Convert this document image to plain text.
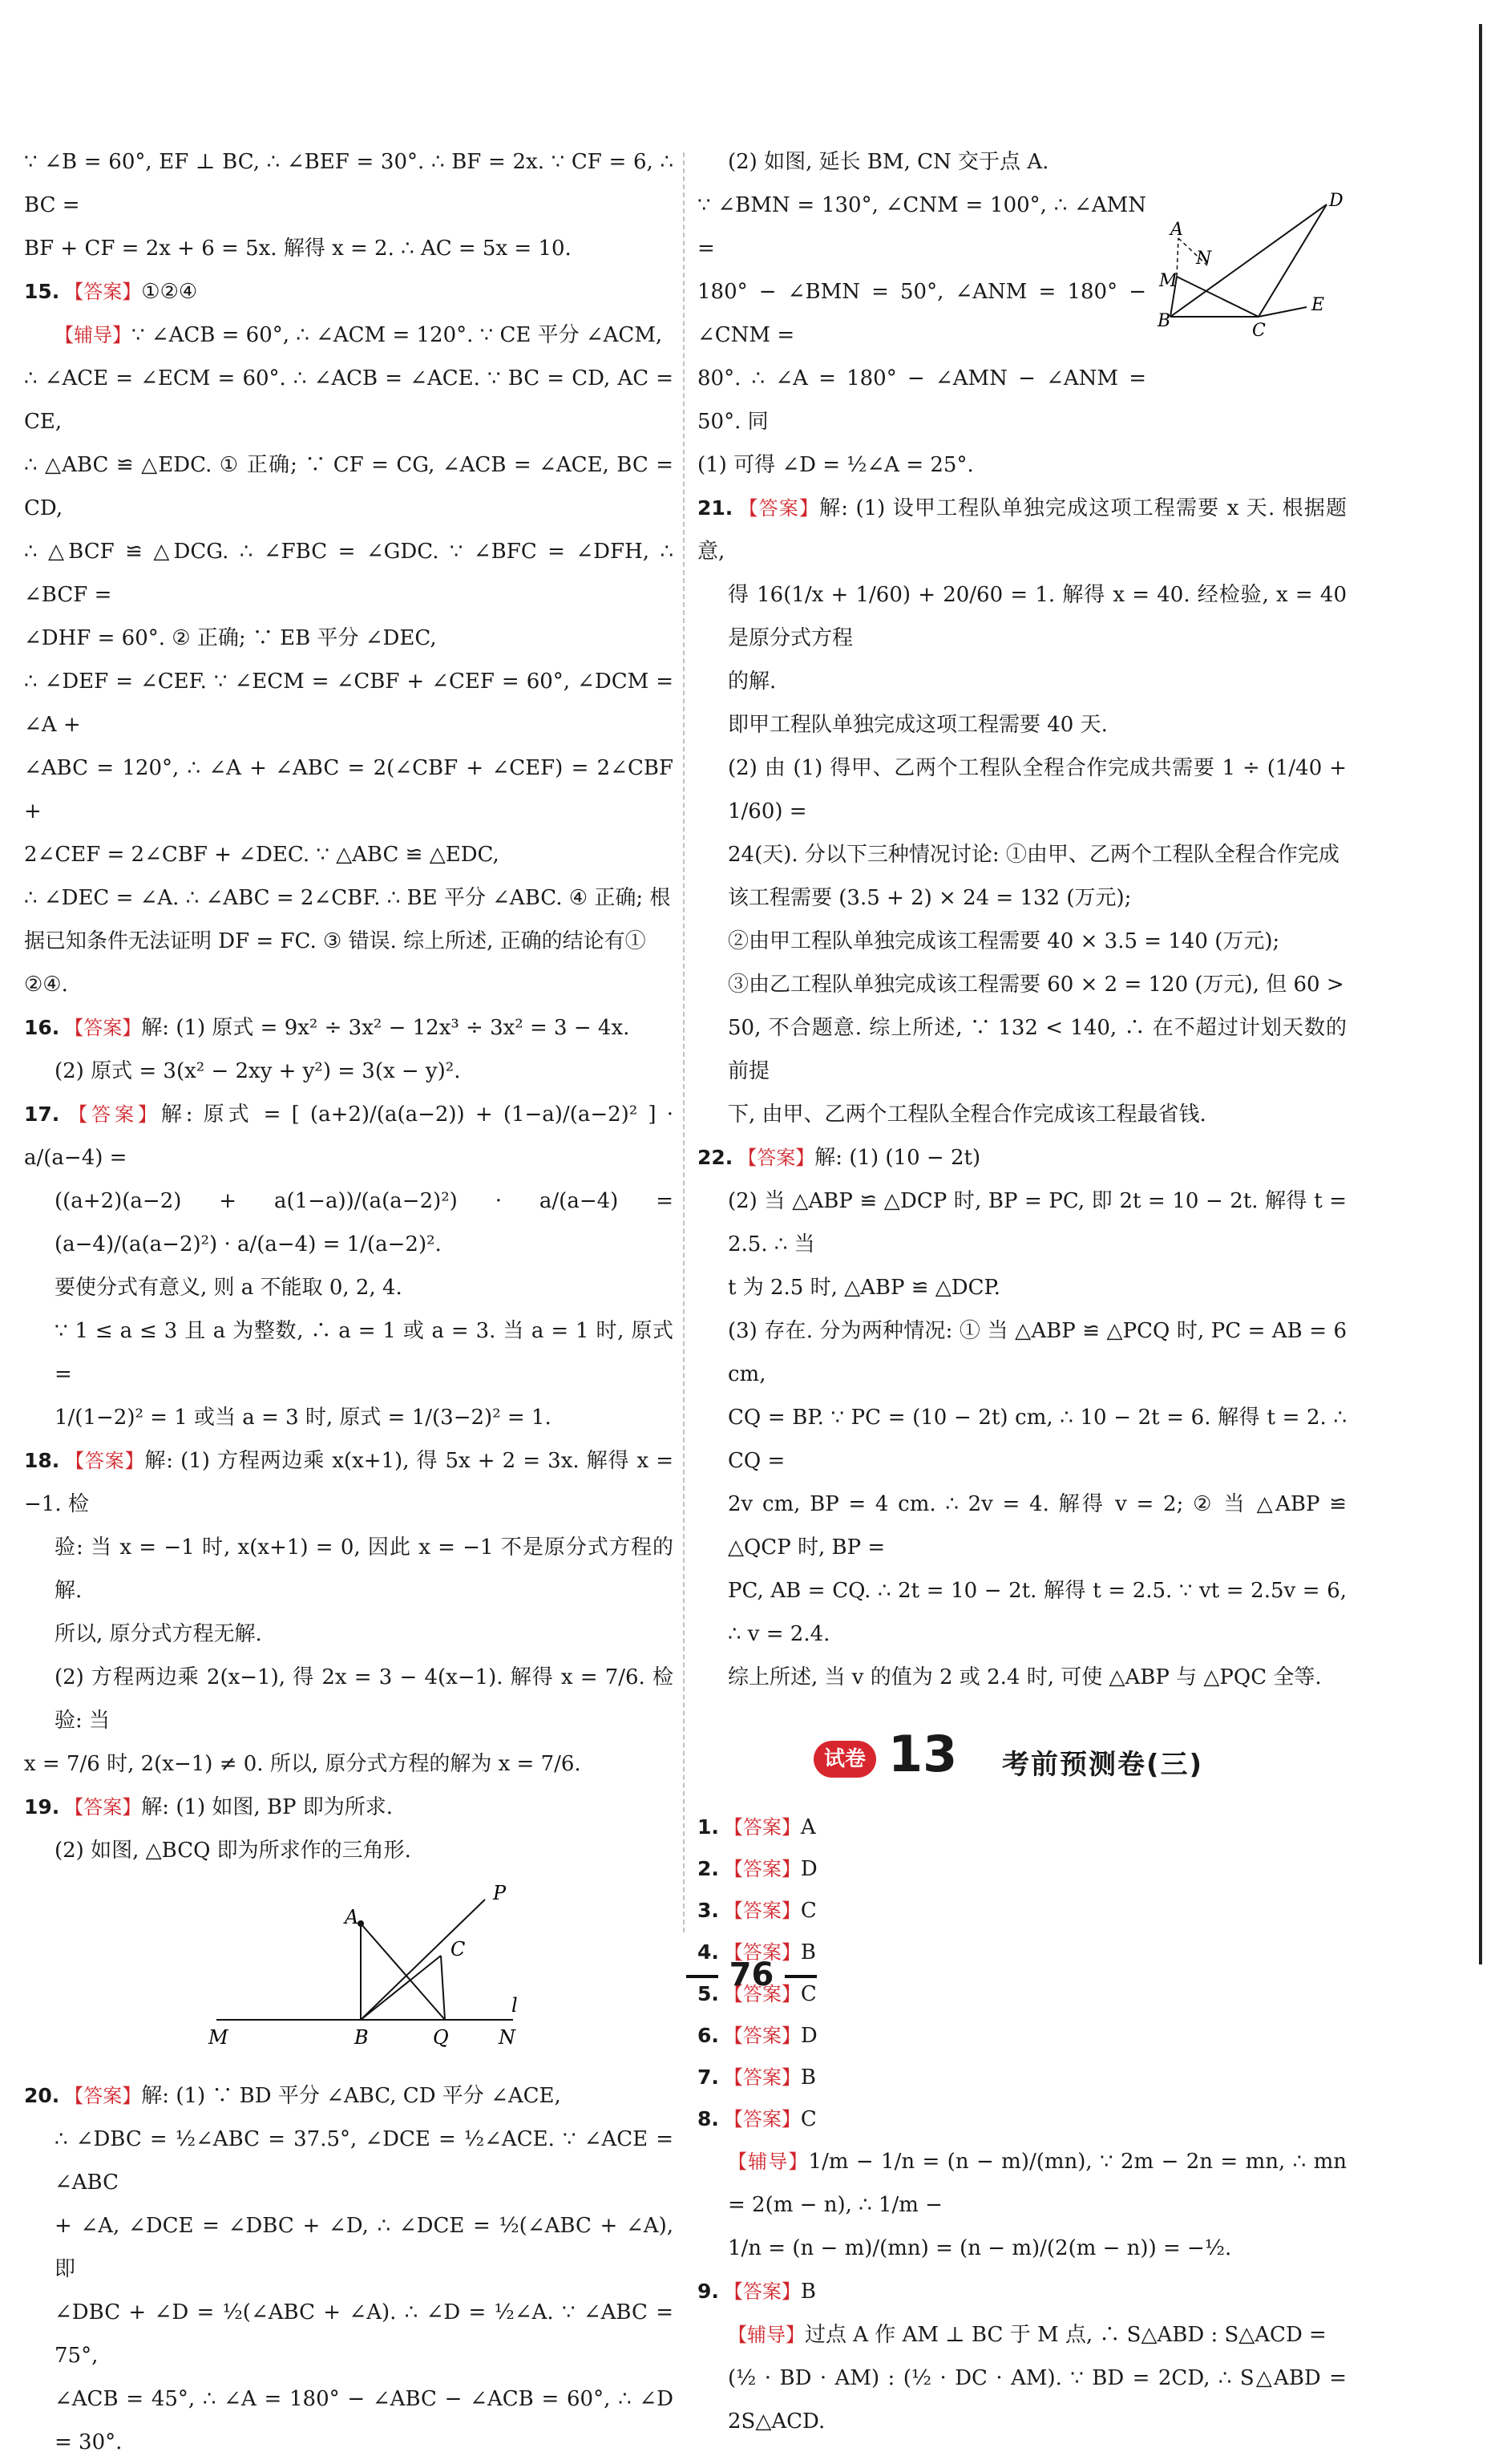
∵ ∠B = 60°, EF ⊥ BC, ∴ ∠BEF = 30°. ∴ BF = 2x. ∵ CF = 6, ∴ BC =

BF + CF = 2x + 6 = 5x. 解得 x = 2. ∴ AC = 5x = 10.

15. 【答案】①②④

【辅导】∵ ∠ACB = 60°, ∴ ∠ACM = 120°. ∵ CE 平分 ∠ACM,

∴ ∠ACE = ∠ECM = 60°. ∴ ∠ACB = ∠ACE. ∵ BC = CD, AC = CE,

∴ △ABC ≌ △EDC. ① 正确; ∵ CF = CG, ∠ACB = ∠ACE, BC = CD,

∴ △BCF ≌ △DCG. ∴ ∠FBC = ∠GDC. ∵ ∠BFC = ∠DFH, ∴ ∠BCF =

∠DHF = 60°. ② 正确; ∵ EB 平分 ∠DEC,

∴ ∠DEF = ∠CEF. ∵ ∠ECM = ∠CBF + ∠CEF = 60°, ∠DCM = ∠A +

∠ABC = 120°, ∴ ∠A + ∠ABC = 2(∠CBF + ∠CEF) = 2∠CBF +

2∠CEF = 2∠CBF + ∠DEC. ∵ △ABC ≌ △EDC,

∴ ∠DEC = ∠A. ∴ ∠ABC = 2∠CBF. ∴ BE 平分 ∠ABC. ④ 正确; 根

据已知条件无法证明 DF = FC. ③ 错误. 综上所述, 正确的结论有①

②④.

16. 【答案】解: (1) 原式 = 9x² ÷ 3x² − 12x³ ÷ 3x² = 3 − 4x.

(2) 原式 = 3(x² − 2xy + y²) = 3(x − y)².

17. 【答案】解: 原式 = [ (a+2)/(a(a−2)) + (1−a)/(a−2)² ] · a/(a−4) =

((a+2)(a−2) + a(1−a))/(a(a−2)²) · a/(a−4) = (a−4)/(a(a−2)²) · a/(a−4) = 1/(a−2)².

要使分式有意义, 则 a 不能取 0, 2, 4.

∵ 1 ≤ a ≤ 3 且 a 为整数, ∴ a = 1 或 a = 3. 当 a = 1 时, 原式 =

1/(1−2)² = 1 或当 a = 3 时, 原式 = 1/(3−2)² = 1.

18. 【答案】解: (1) 方程两边乘 x(x+1), 得 5x + 2 = 3x. 解得 x = −1. 检

验: 当 x = −1 时, x(x+1) = 0, 因此 x = −1 不是原分式方程的解.

所以, 原分式方程无解.

(2) 方程两边乘 2(x−1), 得 2x = 3 − 4(x−1). 解得 x = 7/6. 检验: 当

x = 7/6 时, 2(x−1) ≠ 0. 所以, 原分式方程的解为 x = 7/6.

19. 【答案】解: (1) 如图, BP 即为所求.

(2) 如图, △BCQ 即为所求作的三角形.

A
P
C
M	B	Q	N
l

20. 【答案】解: (1) ∵ BD 平分 ∠ABC, CD 平分 ∠ACE,

∴ ∠DBC = ½∠ABC = 37.5°, ∠DCE = ½∠ACE. ∵ ∠ACE = ∠ABC

+ ∠A, ∠DCE = ∠DBC + ∠D, ∴ ∠DCE = ½(∠ABC + ∠A), 即

∠DBC + ∠D = ½(∠ABC + ∠A). ∴ ∠D = ½∠A. ∵ ∠ABC = 75°,

∠ACB = 45°, ∴ ∠A = 180° − ∠ABC − ∠ACB = 60°, ∴ ∠D = 30°.

(2) 如图, 延长 BM, CN 交于点 A.

∵ ∠BMN = 130°, ∠CNM = 100°, ∴ ∠AMN =

180° − ∠BMN = 50°, ∠ANM = 180° − ∠CNM =

80°. ∴ ∠A = 180° − ∠AMN − ∠ANM = 50°. 同

(1) 可得 ∠D = ½∠A = 25°.

D
A
N
M
B	C
E

21. 【答案】解: (1) 设甲工程队单独完成这项工程需要 x 天. 根据题意,

得 16(1/x + 1/60) + 20/60 = 1. 解得 x = 40. 经检验, x = 40 是原分式方程

的解.

即甲工程队单独完成这项工程需要 40 天.

(2) 由 (1) 得甲、乙两个工程队全程合作完成共需要 1 ÷ (1/40 + 1/60) =

24(天). 分以下三种情况讨论: ①由甲、乙两个工程队全程合作完成

该工程需要 (3.5 + 2) × 24 = 132 (万元);

②由甲工程队单独完成该工程需要 40 × 3.5 = 140 (万元);

③由乙工程队单独完成该工程需要 60 × 2 = 120 (万元), 但 60 >

50, 不合题意. 综上所述, ∵ 132 < 140, ∴ 在不超过计划天数的前提

下, 由甲、乙两个工程队全程合作完成该工程最省钱.

22. 【答案】解: (1) (10 − 2t)

(2) 当 △ABP ≌ △DCP 时, BP = PC, 即 2t = 10 − 2t. 解得 t = 2.5. ∴ 当

t 为 2.5 时, △ABP ≌ △DCP.

(3) 存在. 分为两种情况: ① 当 △ABP ≌ △PCQ 时, PC = AB = 6 cm,

CQ = BP. ∵ PC = (10 − 2t) cm, ∴ 10 − 2t = 6. 解得 t = 2. ∴ CQ =

2v cm, BP = 4 cm. ∴ 2v = 4. 解得 v = 2; ② 当 △ABP ≌ △QCP 时, BP =

PC, AB = CQ. ∴ 2t = 10 − 2t. 解得 t = 2.5. ∵ vt = 2.5v = 6, ∴ v = 2.4.

综上所述, 当 v 的值为 2 或 2.4 时, 可使 △ABP 与 △PQC 全等.

试卷 13 考前预测卷(三)

1. 【答案】A

2. 【答案】D

3. 【答案】C

4. 【答案】B

5. 【答案】C

6. 【答案】D

7. 【答案】B

8. 【答案】C

【辅导】1/m − 1/n = (n − m)/(mn), ∵ 2m − 2n = mn, ∴ mn = 2(m − n), ∴ 1/m −

1/n = (n − m)/(mn) = (n − m)/(2(m − n)) = −½.

9. 【答案】B

【辅导】过点 A 作 AM ⊥ BC 于 M 点, ∴ S△ABD : S△ACD =

(½ · BD · AM) : (½ · DC · AM). ∵ BD = 2CD, ∴ S△ABD = 2S△ACD.

76
